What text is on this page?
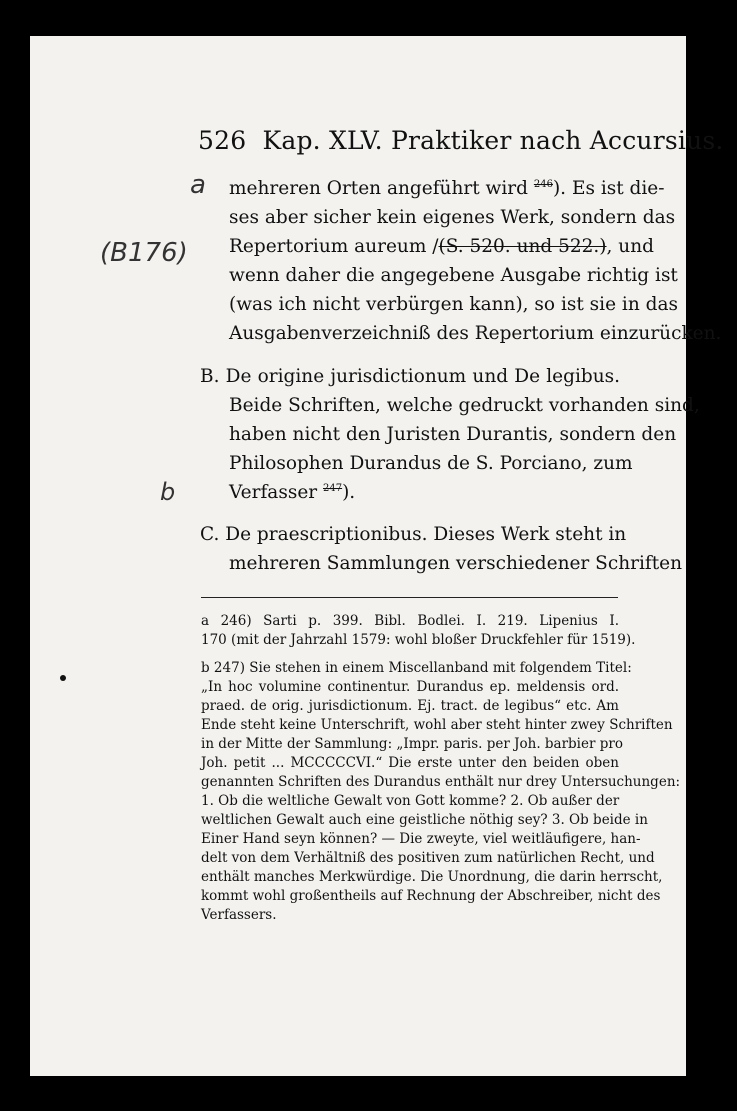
526 Kap. XLV. Praktiker nach Accursius.
a
(B176)
b
mehreren Orten angeführt wird $^{246}$). Es ist die-
ses aber sicher kein eigenes Werk, sondern das
Repertorium aureum /(S. 520. und 522.), und
wenn daher die angegebene Ausgabe richtig ist
(was ich nicht verbürgen kann), so ist sie in das
Ausgabenverzeichniß des Repertorium einzurücken.
B. De origine jurisdictionum und De legibus.
Beide Schriften, welche gedruckt vorhanden sind,
haben nicht den Juristen Durantis, sondern den
Philosophen Durandus de S. Porciano, zum
Verfasser $^{247}$).
C. De praescriptionibus. Dieses Werk steht in
mehreren Sammlungen verschiedener Schriften
a 246) Sarti p. 399. Bibl. Bodlei. I. 219. Lipenius I.
170 (mit der Jahrzahl 1579: wohl bloßer Druckfehler für 1519).
b 247) Sie stehen in einem Miscellanband mit folgendem Titel:
„In hoc volumine continentur. Durandus ep. meldensis ord.
praed. de orig. jurisdictionum. Ej. tract. de legibus“ etc. Am
Ende steht keine Unterschrift, wohl aber steht hinter zwey Schriften
in der Mitte der Sammlung: „Impr. paris. per Joh. barbier pro
Joh. petit ... MCCCCCVI.“ Die erste unter den beiden oben
genannten Schriften des Durandus enthält nur drey Untersuchungen:
1. Ob die weltliche Gewalt von Gott komme? 2. Ob außer der
weltlichen Gewalt auch eine geistliche nöthig sey? 3. Ob beide in
Einer Hand seyn können? — Die zweyte, viel weitläufigere, han-
delt von dem Verhältniß des positiven zum natürlichen Recht, und
enthält manches Merkwürdige. Die Unordnung, die darin herrscht,
kommt wohl großentheils auf Rechnung der Abschreiber, nicht des
Verfassers.
